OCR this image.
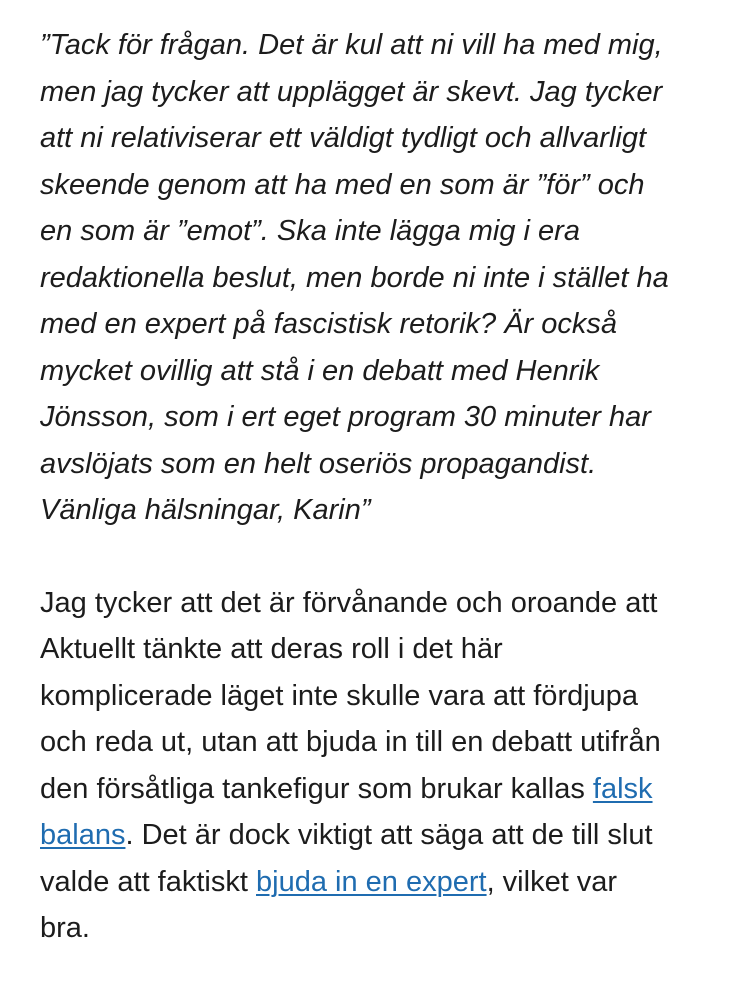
”Tack för frågan. Det är kul att ni vill ha med mig,
men jag tycker att upplägget är skevt. Jag tycker
att ni relativiserar ett väldigt tydligt och allvarligt
skeende genom att ha med en som är ”för” och
en som är ”emot”. Ska inte lägga mig i era
redaktionella beslut, men borde ni inte i stället ha
med en expert på fascistisk retorik? Är också
mycket ovillig att stå i en debatt med Henrik
Jönsson, som i ert eget program 30 minuter har
avslöjats som en helt oseriös propagandist.
Vänliga hälsningar, Karin”

Jag tycker att det är förvånande och oroande att
Aktuellt tänkte att deras roll i det här
komplicerade läget inte skulle vara att fördjupa
och reda ut, utan att bjuda in till en debatt utifrån
den försåtliga tankefigur som brukar kallas falsk
balans. Det är dock viktigt att säga att de till slut
valde att faktiskt bjuda in en expert, vilket var
bra.
